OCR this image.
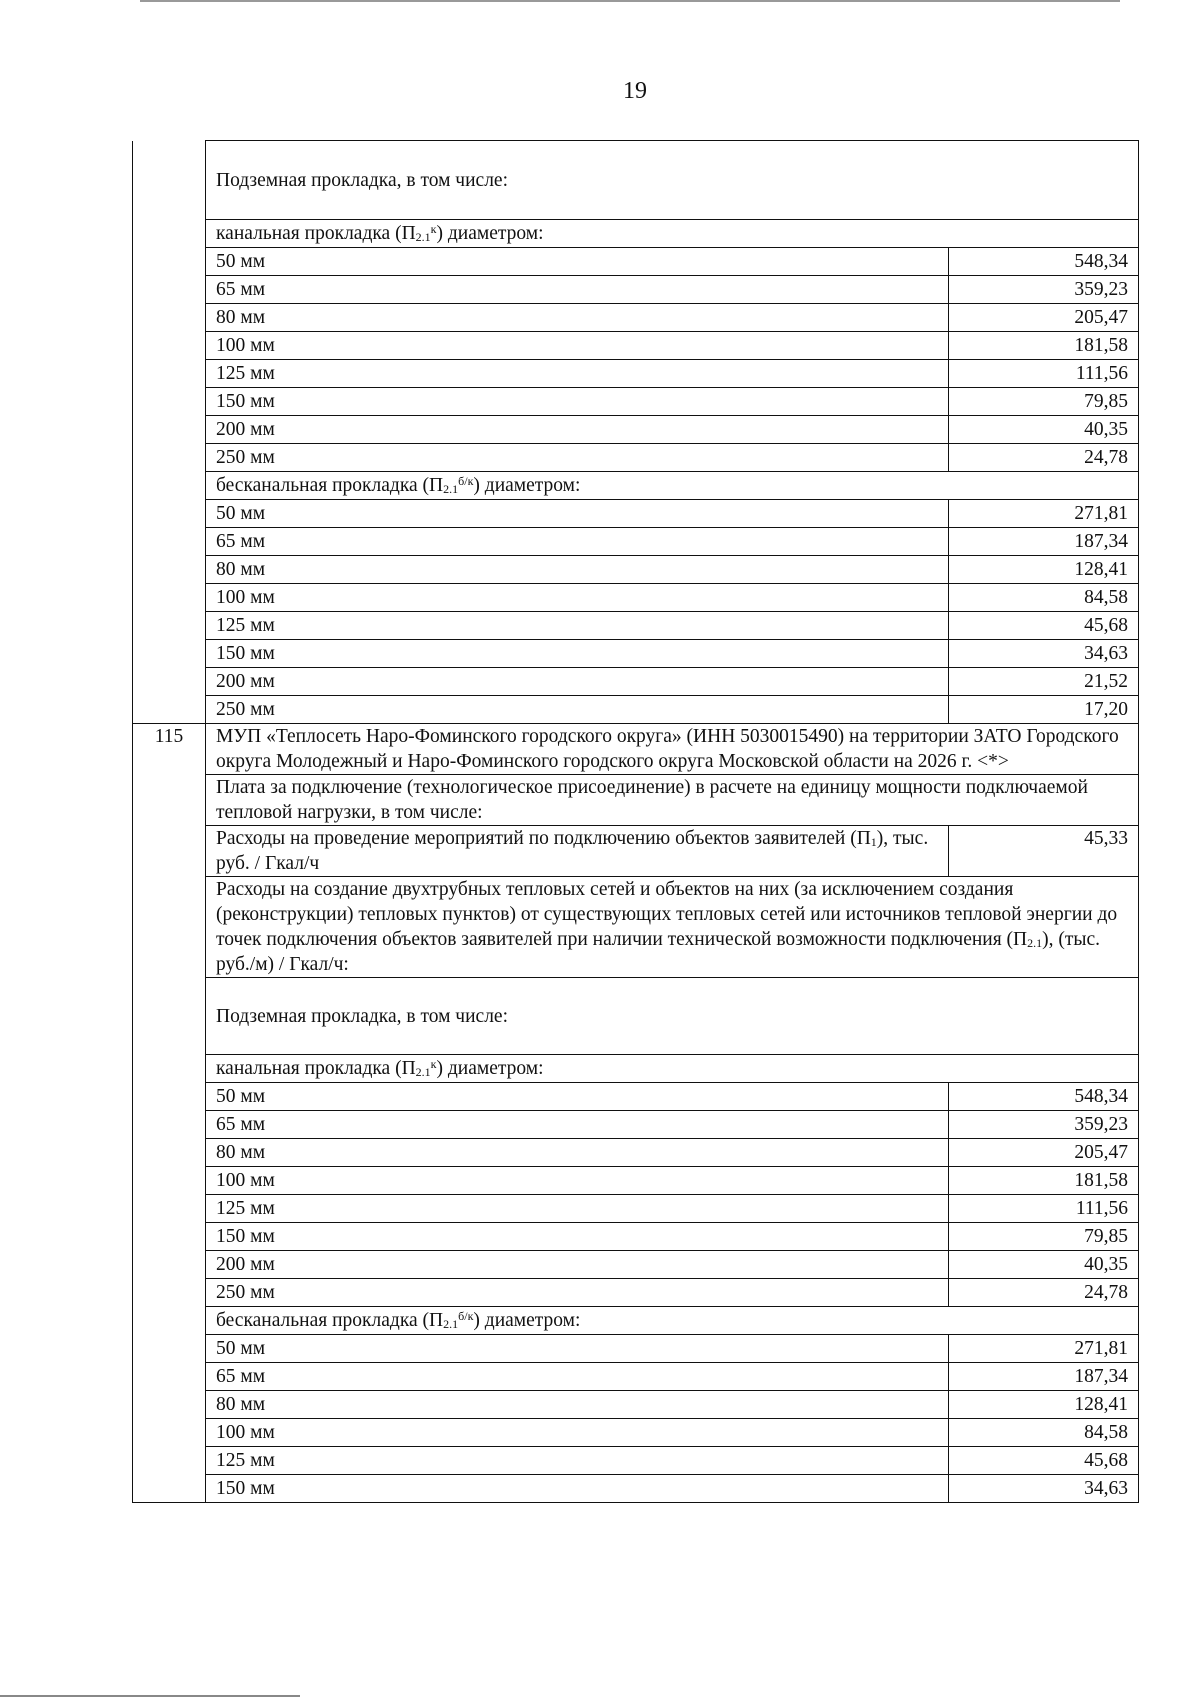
19
	Подземная прокладка, в том числе:	
	канальная прокладка $(П_{2.1}^к)$ диаметром:	
	50 мм	548,34
	65 мм	359,23
	80 мм	205,47
	100 мм	181,58
	125 мм	111,56
	150 мм	79,85
	200 мм	40,35
	250 мм	24,78
	бесканальная прокладка $(П_{2.1}^{б/к})$ диаметром:	
	50 мм	271,81
	65 мм	187,34
	80 мм	128,41
	100 мм	84,58
	125 мм	45,68
	150 мм	34,63
	200 мм	21,52
	250 мм	17,20
115	МУП «Теплосеть Наро-Фоминского городского округа» (ИНН 5030015490) на территории ЗАТО Городского округа Молодежный и Наро-Фоминского городского округа Московской области на 2026 г. <*>	
	Плата за подключение (технологическое присоединение) в расчете на единицу мощности подключаемой тепловой нагрузки, в том числе:	
	Расходы на проведение мероприятий по подключению объектов заявителей $(П_1)$, тыс. руб. / Гкал/ч	45,33
	Расходы на создание двухтрубных тепловых сетей и объектов на них (за исключением создания (реконструкции) тепловых пунктов) от существующих тепловых сетей или источников тепловой энергии до точек подключения объектов заявителей при наличии технической возможности подключения $(П_{2.1})$, (тыс. руб./м) / Гкал/ч:	
	Подземная прокладка, в том числе:	
	канальная прокладка $(П_{2.1}^к)$ диаметром:	
	50 мм	548,34
	65 мм	359,23
	80 мм	205,47
	100 мм	181,58
	125 мм	111,56
	150 мм	79,85
	200 мм	40,35
	250 мм	24,78
	бесканальная прокладка $(П_{2.1}^{б/к})$ диаметром:	
	50 мм	271,81
	65 мм	187,34
	80 мм	128,41
	100 мм	84,58
	125 мм	45,68
	150 мм	34,63
